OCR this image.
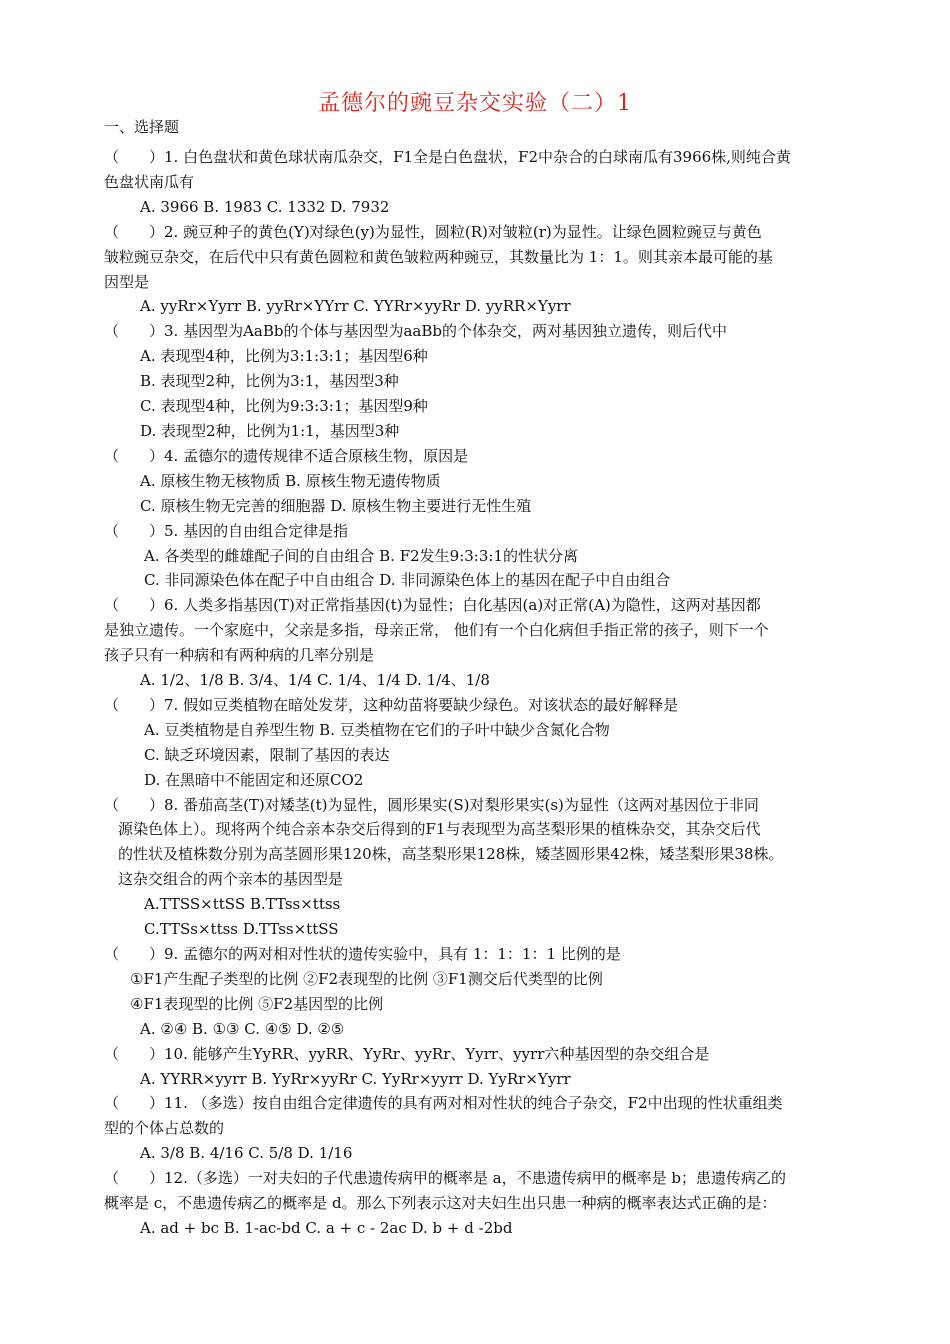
孟德尔的豌豆杂交实验（二）1
一、选择题

（　　）1. 白色盘状和黄色球状南瓜杂交，F1全是白色盘状，F2中杂合的白球南瓜有3966株,则纯合黄

色盘状南瓜有

A. 3966 B. 1983 C. 1332 D. 7932

（　　）2. 豌豆种子的黄色(Y)对绿色(y)为显性，圆粒(R)对皱粒(r)为显性。让绿色圆粒豌豆与黄色

皱粒豌豆杂交，在后代中只有黄色圆粒和黄色皱粒两种豌豆，其数量比为 1：1。则其亲本最可能的基

因型是

A. yyRr×Yyrr B. yyRr×YYrr C. YYRr×yyRr D. yyRR×Yyrr

（　　）3. 基因型为AaBb的个体与基因型为aaBb的个体杂交，两对基因独立遗传，则后代中

A. 表现型4种，比例为3:1:3:1；基因型6种

B. 表现型2种，比例为3:1，基因型3种

C. 表现型4种，比例为9:3:3:1；基因型9种

D. 表现型2种，比例为1:1，基因型3种

（　　）4. 孟德尔的遗传规律不适合原核生物，原因是

A. 原核生物无核物质 B. 原核生物无遗传物质

C. 原核生物无完善的细胞器 D. 原核生物主要进行无性生殖

（　　）5. 基因的自由组合定律是指

A. 各类型的雌雄配子间的自由组合 B. F2发生9:3:3:1的性状分离

C. 非同源染色体在配子中自由组合 D. 非同源染色体上的基因在配子中自由组合

（　　）6. 人类多指基因(T)对正常指基因(t)为显性；白化基因(a)对正常(A)为隐性，这两对基因都

是独立遗传。一个家庭中，父亲是多指，母亲正常， 他们有一个白化病但手指正常的孩子，则下一个

孩子只有一种病和有两种病的几率分别是

A. 1/2、1/8 B. 3/4、1/4 C. 1/4、1/4 D. 1/4、1/8

（　　）7. 假如豆类植物在暗处发芽，这种幼苗将要缺少绿色。对该状态的最好解释是

A. 豆类植物是自养型生物 B. 豆类植物在它们的子叶中缺少含氮化合物

C. 缺乏环境因素，限制了基因的表达

D. 在黑暗中不能固定和还原CO2

（　　）8. 番茄高茎(T)对矮茎(t)为显性，圆形果实(S)对梨形果实(s)为显性（这两对基因位于非同

源染色体上）。现将两个纯合亲本杂交后得到的F1与表现型为高茎梨形果的植株杂交，其杂交后代

的性状及植株数分别为高茎圆形果120株，高茎梨形果128株，矮茎圆形果42株，矮茎梨形果38株。

这杂交组合的两个亲本的基因型是

A.TTSS×ttSS B.TTss×ttss

C.TTSs×ttss D.TTss×ttSS

（　　）9. 孟德尔的两对相对性状的遗传实验中，具有 1：1：1：1 比例的是

①F1产生配子类型的比例 ②F2表现型的比例 ③F1测交后代类型的比例

④F1表现型的比例 ⑤F2基因型的比例

A. ②④ B. ①③ C. ④⑤ D. ②⑤

（　　）10. 能够产生YyRR、yyRR、YyRr、yyRr、Yyrr、yyrr六种基因型的杂交组合是

A. YYRR×yyrr B. YyRr×yyRr C. YyRr×yyrr D. YyRr×Yyrr

（　　）11. （多选）按自由组合定律遗传的具有两对相对性状的纯合子杂交，F2中出现的性状重组类

型的个体占总数的

A. 3/8 B. 4/16 C. 5/8 D. 1/16

（　　）12.（多选）一对夫妇的子代患遗传病甲的概率是 a，不患遗传病甲的概率是 b；患遗传病乙的

概率是 c，不患遗传病乙的概率是 d。那么下列表示这对夫妇生出只患一种病的概率表达式正确的是：

A. ad + bc B. 1-ac-bd C. a + c - 2ac D. b + d -2bd
